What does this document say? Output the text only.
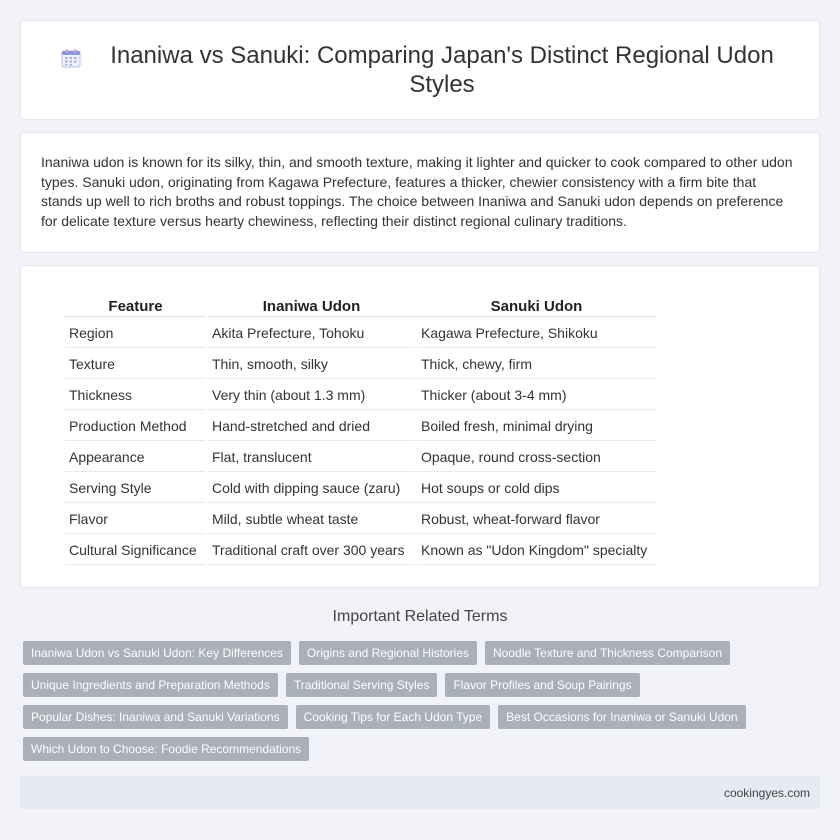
Inaniwa vs Sanuki: Comparing Japan's Distinct Regional Udon Styles

Inaniwa udon is known for its silky, thin, and smooth texture, making it lighter and quicker to cook compared to other udon types. Sanuki udon, originating from Kagawa Prefecture, features a thicker, chewier consistency with a firm bite that stands up well to rich broths and robust toppings. The choice between Inaniwa and Sanuki udon depends on preference for delicate texture versus hearty chewiness, reflecting their distinct regional culinary traditions.

Feature	Inaniwa Udon	Sanuki Udon
Region	Akita Prefecture, Tohoku	Kagawa Prefecture, Shikoku
Texture	Thin, smooth, silky	Thick, chewy, firm
Thickness	Very thin (about 1.3 mm)	Thicker (about 3-4 mm)
Production Method	Hand-stretched and dried	Boiled fresh, minimal drying
Appearance	Flat, translucent	Opaque, round cross-section
Serving Style	Cold with dipping sauce (zaru)	Hot soups or cold dips
Flavor	Mild, subtle wheat taste	Robust, wheat-forward flavor
Cultural Significance	Traditional craft over 300 years	Known as "Udon Kingdom" specialty
Important Related Terms
Inaniwa Udon vs Sanuki Udon: Key Differences	Origins and Regional Histories	Noodle Texture and Thickness Comparison
Unique Ingredients and Preparation Methods	Traditional Serving Styles	Flavor Profiles and Soup Pairings
Popular Dishes: Inaniwa and Sanuki Variations	Cooking Tips for Each Udon Type	Best Occasions for Inaniwa or Sanuki Udon
Which Udon to Choose: Foodie Recommendations
cookingyes.com
